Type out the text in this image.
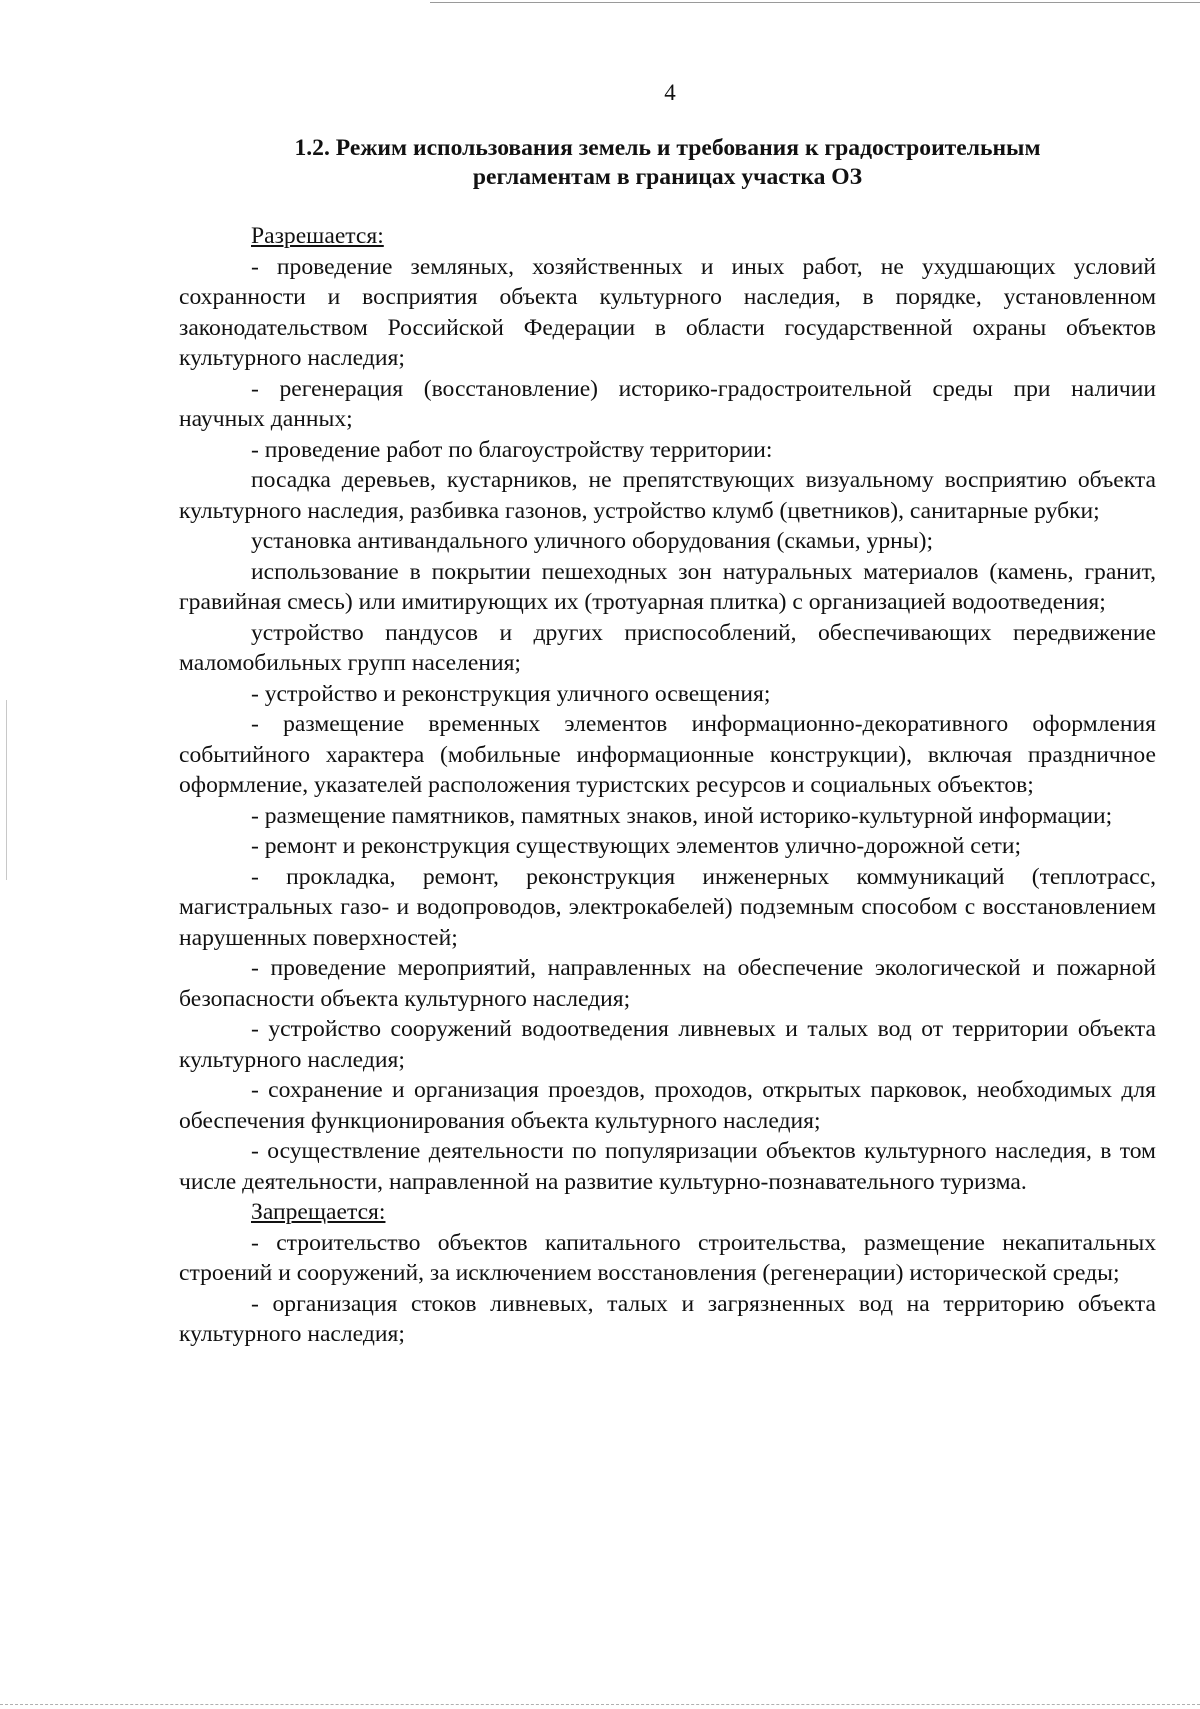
4
1.2. Режим использования земель и требования к градостроительным
регламентам в границах участка ОЗ

Разрешается:

- проведение земляных, хозяйственных и иных работ, не ухудшающих условий сохранности и восприятия объекта культурного наследия, в порядке, установленном законодательством Российской Федерации в области государственной охраны объектов культурного наследия;

- регенерация (восстановление) историко-градостроительной среды при наличии научных данных;

- проведение работ по благоустройству территории:

посадка деревьев, кустарников, не препятствующих визуальному восприятию объекта культурного наследия, разбивка газонов, устройство клумб (цветников), санитарные рубки;

установка антивандального уличного оборудования (скамьи, урны);

использование в покрытии пешеходных зон натуральных материалов (камень, гранит, гравийная смесь) или имитирующих их (тротуарная плитка) с организацией водоотведения;

устройство пандусов и других приспособлений, обеспечивающих передвижение маломобильных групп населения;

- устройство и реконструкция уличного освещения;

- размещение временных элементов информационно-декоративного оформления событийного характера (мобильные информационные конструкции), включая праздничное оформление, указателей расположения туристских ресурсов и социальных объектов;

- размещение памятников, памятных знаков, иной историко-культурной информации;

- ремонт и реконструкция существующих элементов улично-дорожной сети;

- прокладка, ремонт, реконструкция инженерных коммуникаций (теплотрасс, магистральных газо- и водопроводов, электрокабелей) подземным способом с восстановлением нарушенных поверхностей;

- проведение мероприятий, направленных на обеспечение экологической и пожарной безопасности объекта культурного наследия;

- устройство сооружений водоотведения ливневых и талых вод от территории объекта культурного наследия;

- сохранение и организация проездов, проходов, открытых парковок, необходимых для обеспечения функционирования объекта культурного наследия;

- осуществление деятельности по популяризации объектов культурного наследия, в том числе деятельности, направленной на развитие культурно-познавательного туризма.

Запрещается:

- строительство объектов капитального строительства, размещение некапитальных строений и сооружений, за исключением восстановления (регенерации) исторической среды;

- организация стоков ливневых, талых и загрязненных вод на территорию объекта культурного наследия;
